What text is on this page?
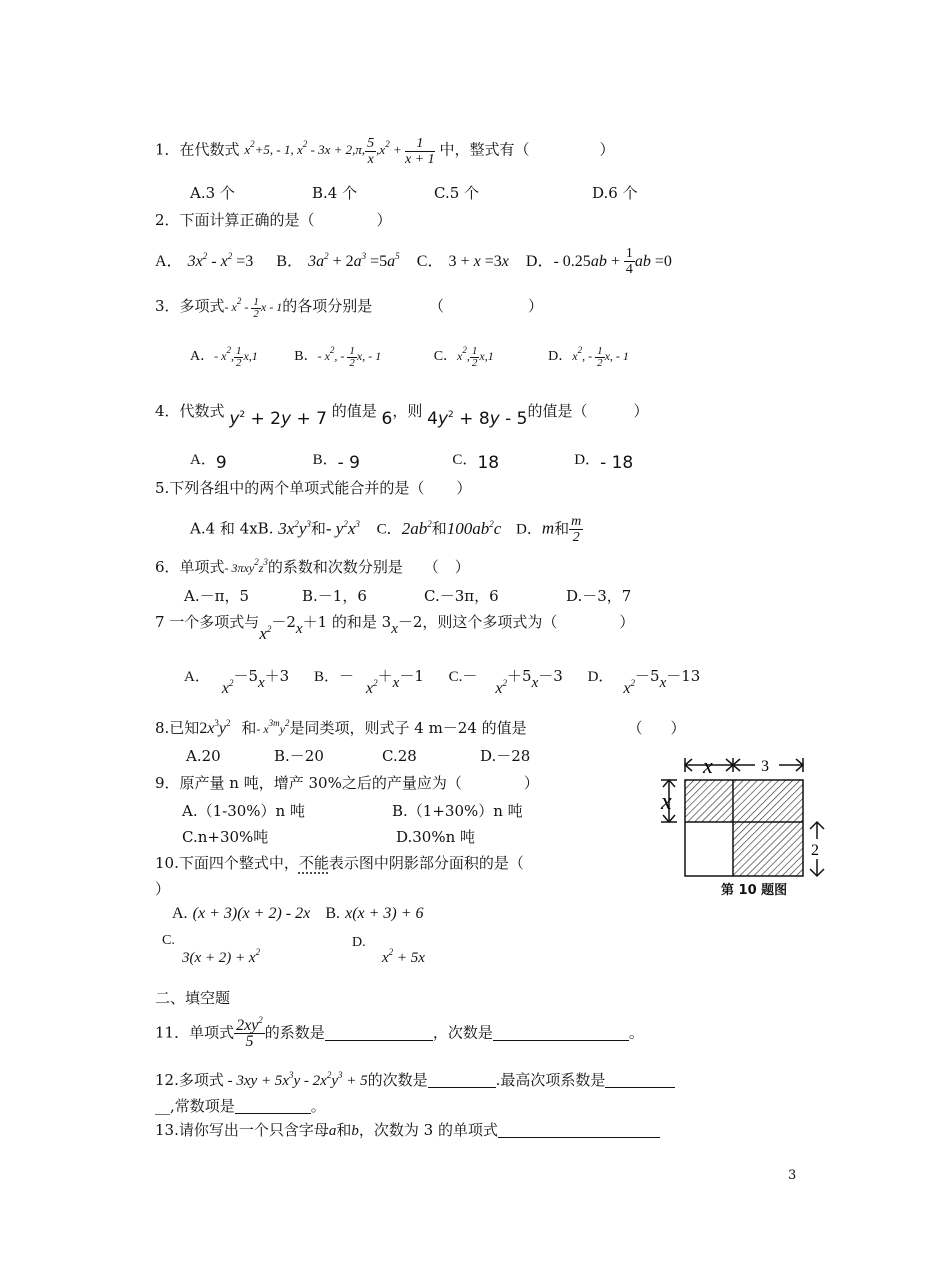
1．在代数式 $x^2+5$, - 1, $x^2 - 3x + 2,\pi$, $\frac{5}{x} ,x^2 + \frac{1}{x + 1}$ 中，整式有（	）
A.3 个	B.4 个	C.5 个	D.6 个
2．下面计算正确的是（	）
A． $3x^2 - x^2 =3$ B． $3a^2 + 2a^3 =5a^5$ C． 3 + x =3x D．- $0.25ab + \frac{1}{4}$ ab =0
3．多项式- $x^2 - \frac{1}{2}$ x - 1的各项分别是	（	）
A．- $x^2$, $\frac{1}{2} x,1$	B．- $x^2$, - $\frac{1}{2} x$, - 1	C．$x^2$, $\frac{1}{2} x,1$	D．$x^2$, - $\frac{1}{2} x$, - 1
4．代数式 $y^2 + 2y + 7$ 的值是 6，则 $4y^2 + 8y - 5$的值是（	）
A．9	B．- 9	C．18	D．- 18
5.下列各组中的两个单项式能合并的是（ ）
A.4 和 4xB. $3x^2y^3$和- $y^2x^3$ C．$2ab^2$和$100ab^2c$ D．m和 $\frac{m}{2}$
6．单项式- $3\pi xy^2z^3$的系数和次数分别是 （ ）
A.－π，5	B.－1，6	C.－3π，6	D.－3，7
7 一个多项式与$x^2-2x+1$ 的和是 3x－2，则这个多项式为（	）
A．$x^2-5x+3$ B．$-x^2+x-1$ $C.-x^2+5x-3$ D．$x^2-5x-13$
8.已知$2x^3y^2$ 和- $x^{3m}y^2$是同类项，则式子 4 m－24 的值是	（ ）
A.20	B.－20	C.28	D.－28
9．原产量 n 吨，增产 30%之后的产量应为（	）
A.（1-30%）n 吨	B.（1+30%）n 吨
C.n+30%吨	D.30%n 吨
10.下面四个整式中，不能表示图中阴影部分面积的是（
）
A. (x + 3)(x + 2) - 2x B. x(x + 3) + 6
C.
$3(x + 2) + x^2$
D.
$x^2 + 5x$
x	3
x
2
第 10 题图
二、填空题
11．单项式 $\frac{2xy^2}{5}$ 的系数是	，次数是	。
12.多项式 - $3xy + 5x^3y - 2x^2y^3 + 5$的次数是	.最高次项系数是
__,常数项是	。
13.请你写出一个只含字母a和b，次数为 3 的单项式
3
